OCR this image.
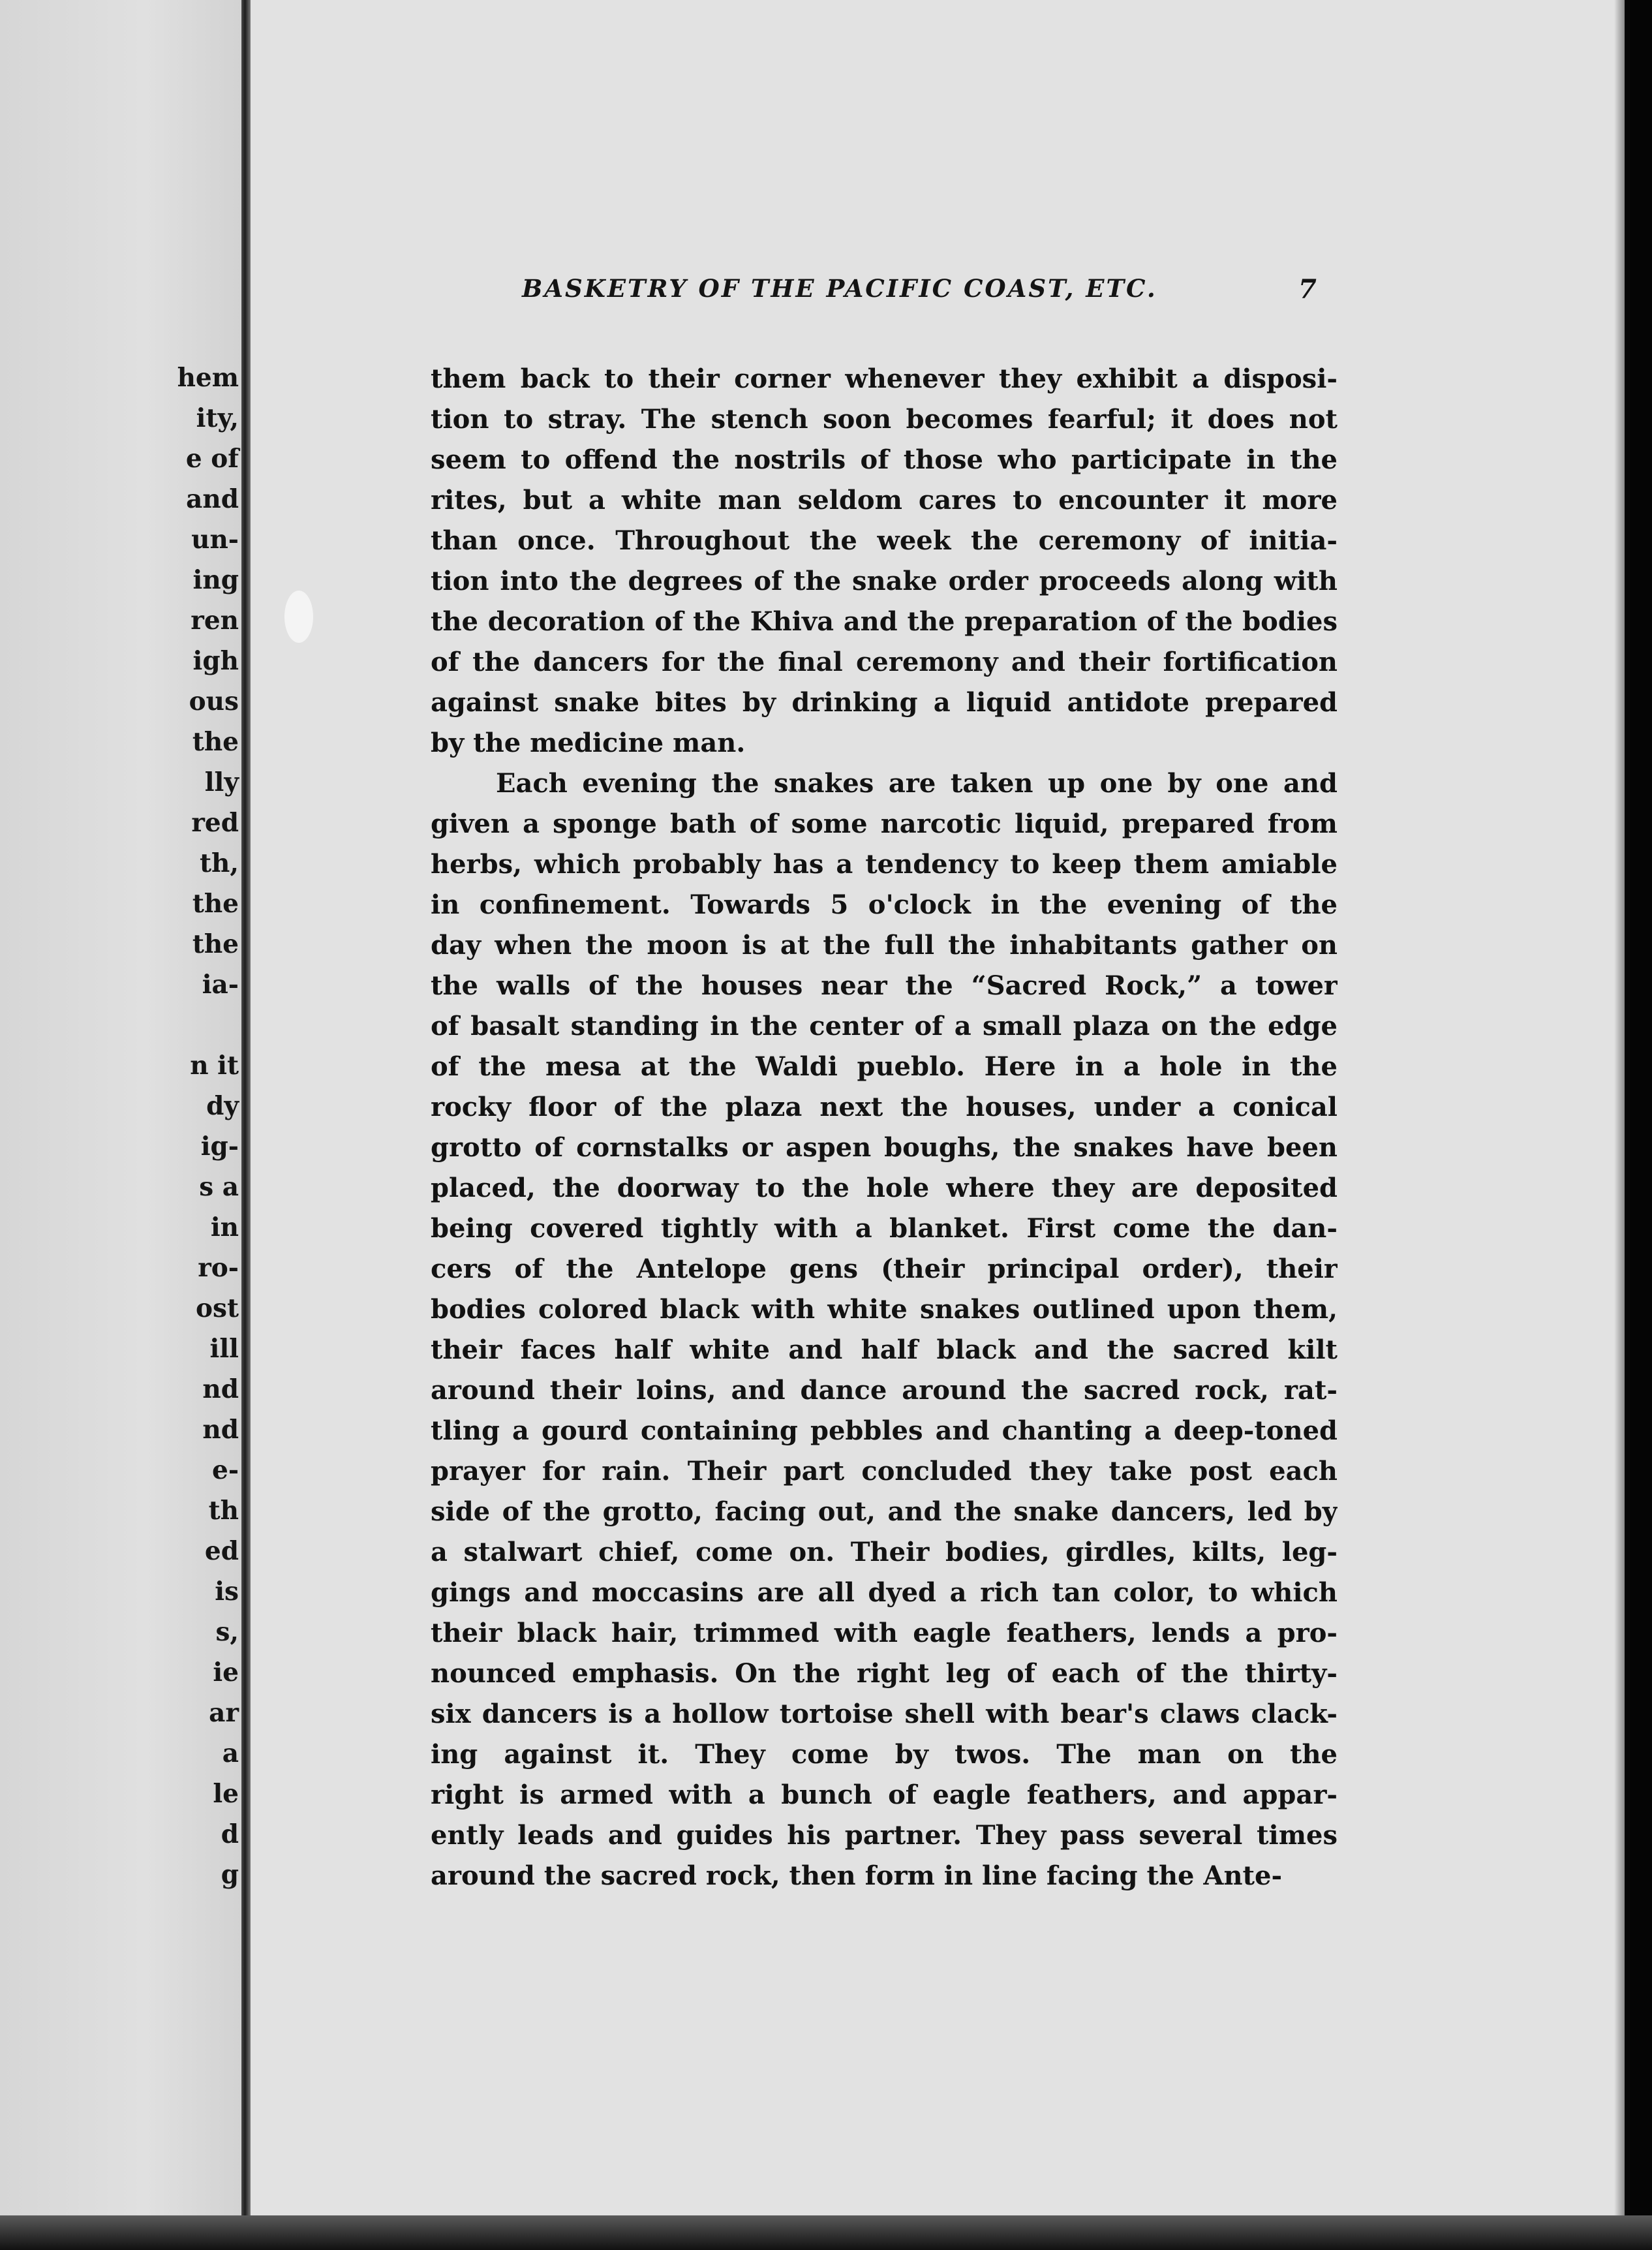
hem
ity,
e of
and
un-
ing
ren
igh
ous
the
lly
red
th,
the
the
ia-
n it
dy
ig-
s a
in
ro-
ost
ill
nd
nd
e-
th
ed
is
s,
ie
ar
a
le
d
g
BASKETRY OF THE PACIFIC COAST, ETC.	7
them back to their corner whenever they exhibit a disposi-
tion to stray. The stench soon becomes fearful; it does not
seem to offend the nostrils of those who participate in the
rites, but a white man seldom cares to encounter it more
than once. Throughout the week the ceremony of initia-
tion into the degrees of the snake order proceeds along with
the decoration of the Khiva and the preparation of the bodies
of the dancers for the final ceremony and their fortification
against snake bites by drinking a liquid antidote prepared
by the medicine man.
Each evening the snakes are taken up one by one and
given a sponge bath of some narcotic liquid, prepared from
herbs, which probably has a tendency to keep them amiable
in confinement. Towards 5 o'clock in the evening of the
day when the moon is at the full the inhabitants gather on
the walls of the houses near the “Sacred Rock,” a tower
of basalt standing in the center of a small plaza on the edge
of the mesa at the Waldi pueblo. Here in a hole in the
rocky floor of the plaza next the houses, under a conical
grotto of cornstalks or aspen boughs, the snakes have been
placed, the doorway to the hole where they are deposited
being covered tightly with a blanket. First come the dan-
cers of the Antelope gens (their principal order), their
bodies colored black with white snakes outlined upon them,
their faces half white and half black and the sacred kilt
around their loins, and dance around the sacred rock, rat-
tling a gourd containing pebbles and chanting a deep-toned
prayer for rain. Their part concluded they take post each
side of the grotto, facing out, and the snake dancers, led by
a stalwart chief, come on. Their bodies, girdles, kilts, leg-
gings and moccasins are all dyed a rich tan color, to which
their black hair, trimmed with eagle feathers, lends a pro-
nounced emphasis. On the right leg of each of the thirty-
six dancers is a hollow tortoise shell with bear's claws clack-
ing against it. They come by twos. The man on the
right is armed with a bunch of eagle feathers, and appar-
ently leads and guides his partner. They pass several times
around the sacred rock, then form in line facing the Ante-
